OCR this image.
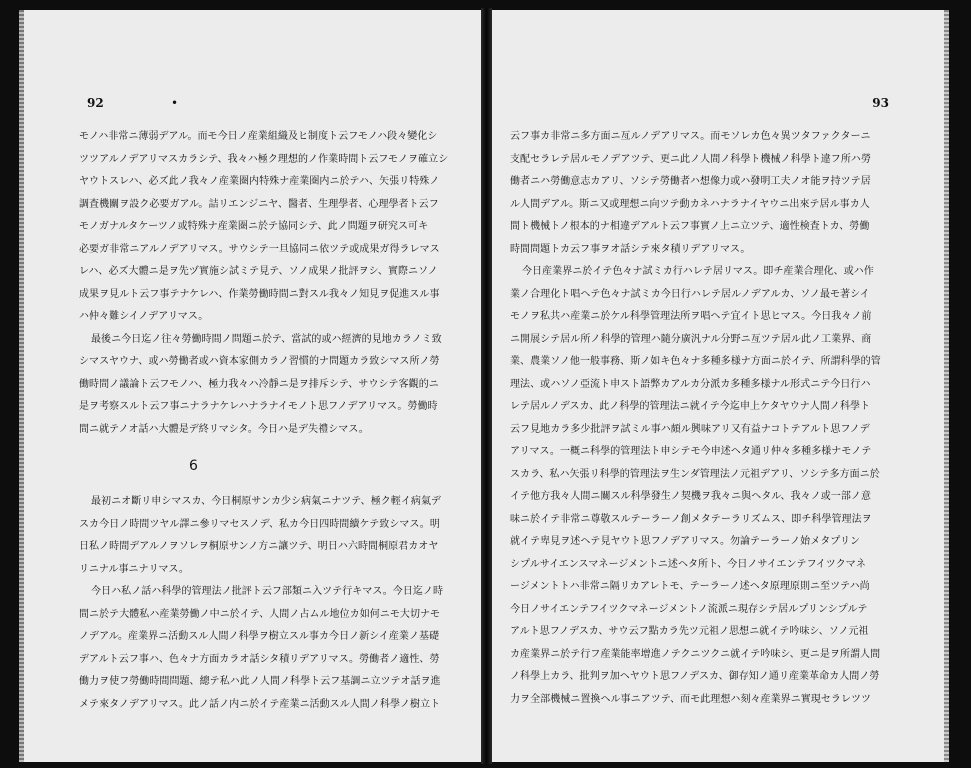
92	•
モノハ非常ニ薄弱デアル。而モ今日ノ産業組織及ヒ制度ト云フモノハ段々變化シ
ツツアルノデアリマスカラシテ、我々ハ極ク理想的ノ作業時間ト云フモノヲ確立シ
ヤウトスレハ、必ズ此ノ我々ノ産業圏内特殊ナ産業圏内ニ於テハ、矢張リ特殊ノ
調査機關ヲ設ク必要ガアル。詰リエンジニヤ、醫者、生理學者、心理學者ト云フ
モノガナルタケーツノ或特殊ナ産業圏ニ於テ協同シテ、此ノ問題ヲ研究ス可キ
必要ガ非常ニアルノデアリマス。サウシテ一旦協同ニ依ツテ或成果ガ得ラレマス
レハ、必ズ大體ニ是ヲ先ヅ實施シ試ミテ見テ、ソノ成果ノ批評ヲシ、實際ニソノ
成果ヲ見ルト云フ事テナケレハ、作業勞働時間ニ對スル我々ノ知見ヲ促進スル事
ハ仲々難シイノデアリマス。
最後ニ今日迄ノ往々勞働時間ノ問題ニ於テ、當試的或ハ經濟的見地カラノミ致
シマスヤウナ、或ハ勞働者或ハ資本家側カラノ習慣的ナ問題カラ致シマス所ノ勞
働時間ノ議論ト云フモノハ、極力我々ハ冷靜ニ是ヲ排斥シテ、サウシテ客觀的ニ
是ヲ考察スルト云フ事ニナラナケレハナラナイモノト思フノデアリマス。勞働時
間ニ就テノオ話ハ大體是デ終リマシタ。今日ハ是デ失禮シマス。
6
最初ニオ斷リ申シマスカ、今日桐原サンカ少シ病氣ニナツテ、極ク輕イ病氣デ
スカ今日ノ時間ツヤル譯ニ參リマセスノデ、私カ今日四時間續ケテ致シマス。明
日私ノ時間デアルノヲソレヲ桐原サンノ方ニ讓ツテ、明日ハ六時間桐原君カオヤ
リニナル事ニナリマス。
今日ハ私ノ話ハ科學的管理法ノ批評ト云フ部類ニ入ツテ行キマス。今日迄ノ時
間ニ於テ大體私ハ産業勞働ノ中ニ於イテ、人間ノ占ムル地位カ如何ニモ大切ナモ
ノデアル。産業界ニ活動スル人間ノ科學ヲ樹立スル事カ今日ノ新シイ産業ノ基礎
デアルト云フ事ハ、色々ナ方面カラオ話シタ積リデアリマス。勞働者ノ適性、勞
働力ヲ使フ勞働時間問題、總テ私ハ此ノ人間ノ科學ト云フ基調ニ立ツテオ話ヲ進
メテ來タノデアリマス。此ノ話ノ内ニ於イテ産業ニ活動スル人間ノ科學ノ樹立ト
93
云フ事カ非常ニ多方面ニ亙ルノデアリマス。而モソレカ色々異ツタファクターニ
支配セラレテ居ルモノデアツテ、更ニ此ノ人間ノ科學ト機械ノ科學ト違フ所ハ勞
働者ニハ勞働意志カアリ、ソシテ勞働者ハ想像力或ハ發明工夫ノオ能ヲ持ツテ居
ル人間デアル。斯ニ又或理想ニ向ツテ動カネハナラナイヤウニ出來テ居ル事カ人
間ト機械トノ根本的ナ相違デアルト云フ事實ノ上ニ立ツテ、適性検査トカ、勞働
時間問題トカ云フ事ヲオ話シテ來タ積リデアリマス。
今日産業界ニ於イテ色々ナ試ミカ行ハレテ居リマス。即チ産業合理化、或ハ作
業ノ合理化ト唱ヘテ色々ナ試ミカ今日行ハレテ居ルノデアルカ、ソノ最モ著シイ
モノヲ私共ハ産業ニ於ケル科學管理法所ヲ唱ヘテ宜イト思ヒマス。今日我々ノ前
ニ開展シテ居ル所ノ科學的管理ハ隨分廣汎ナル分野ニ亙ツテ居ル此ノ工業界、商
業、農業ソノ他一般事務、斯ノ如キ色々ナ多種多様ナ方面ニ於イテ、所謂科學的管
理法、或ハソノ亞流ト申スト語弊カアルカ分派カ多種多様ナル形式ニテ今日行ハ
レテ居ルノデスカ、此ノ科學的管理法ニ就イテ今迄申上ケタヤウナ人間ノ科學ト
云フ見地カラ多少批評ヲ試ミル事ハ頗ル興味アリ又有益ナコトテアルト思フノデ
アリマス。一概ニ科學的管理法ト申シテモ今申述ヘタ通リ仲々多種多様ナモノテ
スカラ、私ハ矢張リ科學的管理法ヲ生ンダ管理法ノ元祖デアリ、ソシテ多方面ニ於
イテ他方我々人間ニ關スル科學發生ノ契機ヲ我々ニ與ヘタル、我々ノ或一部ノ意
味ニ於イテ非常ニ尊敬スルテーラーノ創メタテーラリズムス、即チ科學管理法ヲ
就イテ卑見ヲ述ヘテ見ヤウト思フノデアリマス。勿論テーラーノ始メタプリン
シプルサイエンスマネージメントニ述ヘタ所ト、今日ノサイエンテフイツクマネ
ージメントトハ非常ニ隔リカアレトモ、テーラーノ述ヘタ原理原則ニ至ツテハ尚
今日ノサイエンテフイツクマネージメントノ流派ニ現存シテ居ルプリンシプルテ
アルト思フノデスカ、サウ云フ點カラ先ツ元祖ノ思想ニ就イテ吟味シ、ソノ元祖
カ産業界ニ於テ行フ産業能率增進ノテクニツクニ就イテ吟味シ、更ニ是ヲ所謂人間
ノ科學上カラ、批判ヲ加ヘヤウト思フノデスカ、御存知ノ通リ産業革命カ人間ノ勞
力ヲ全部機械ニ置換ヘル事ニアツテ、而モ此理想ハ刻々産業界ニ實現セラレツツ
